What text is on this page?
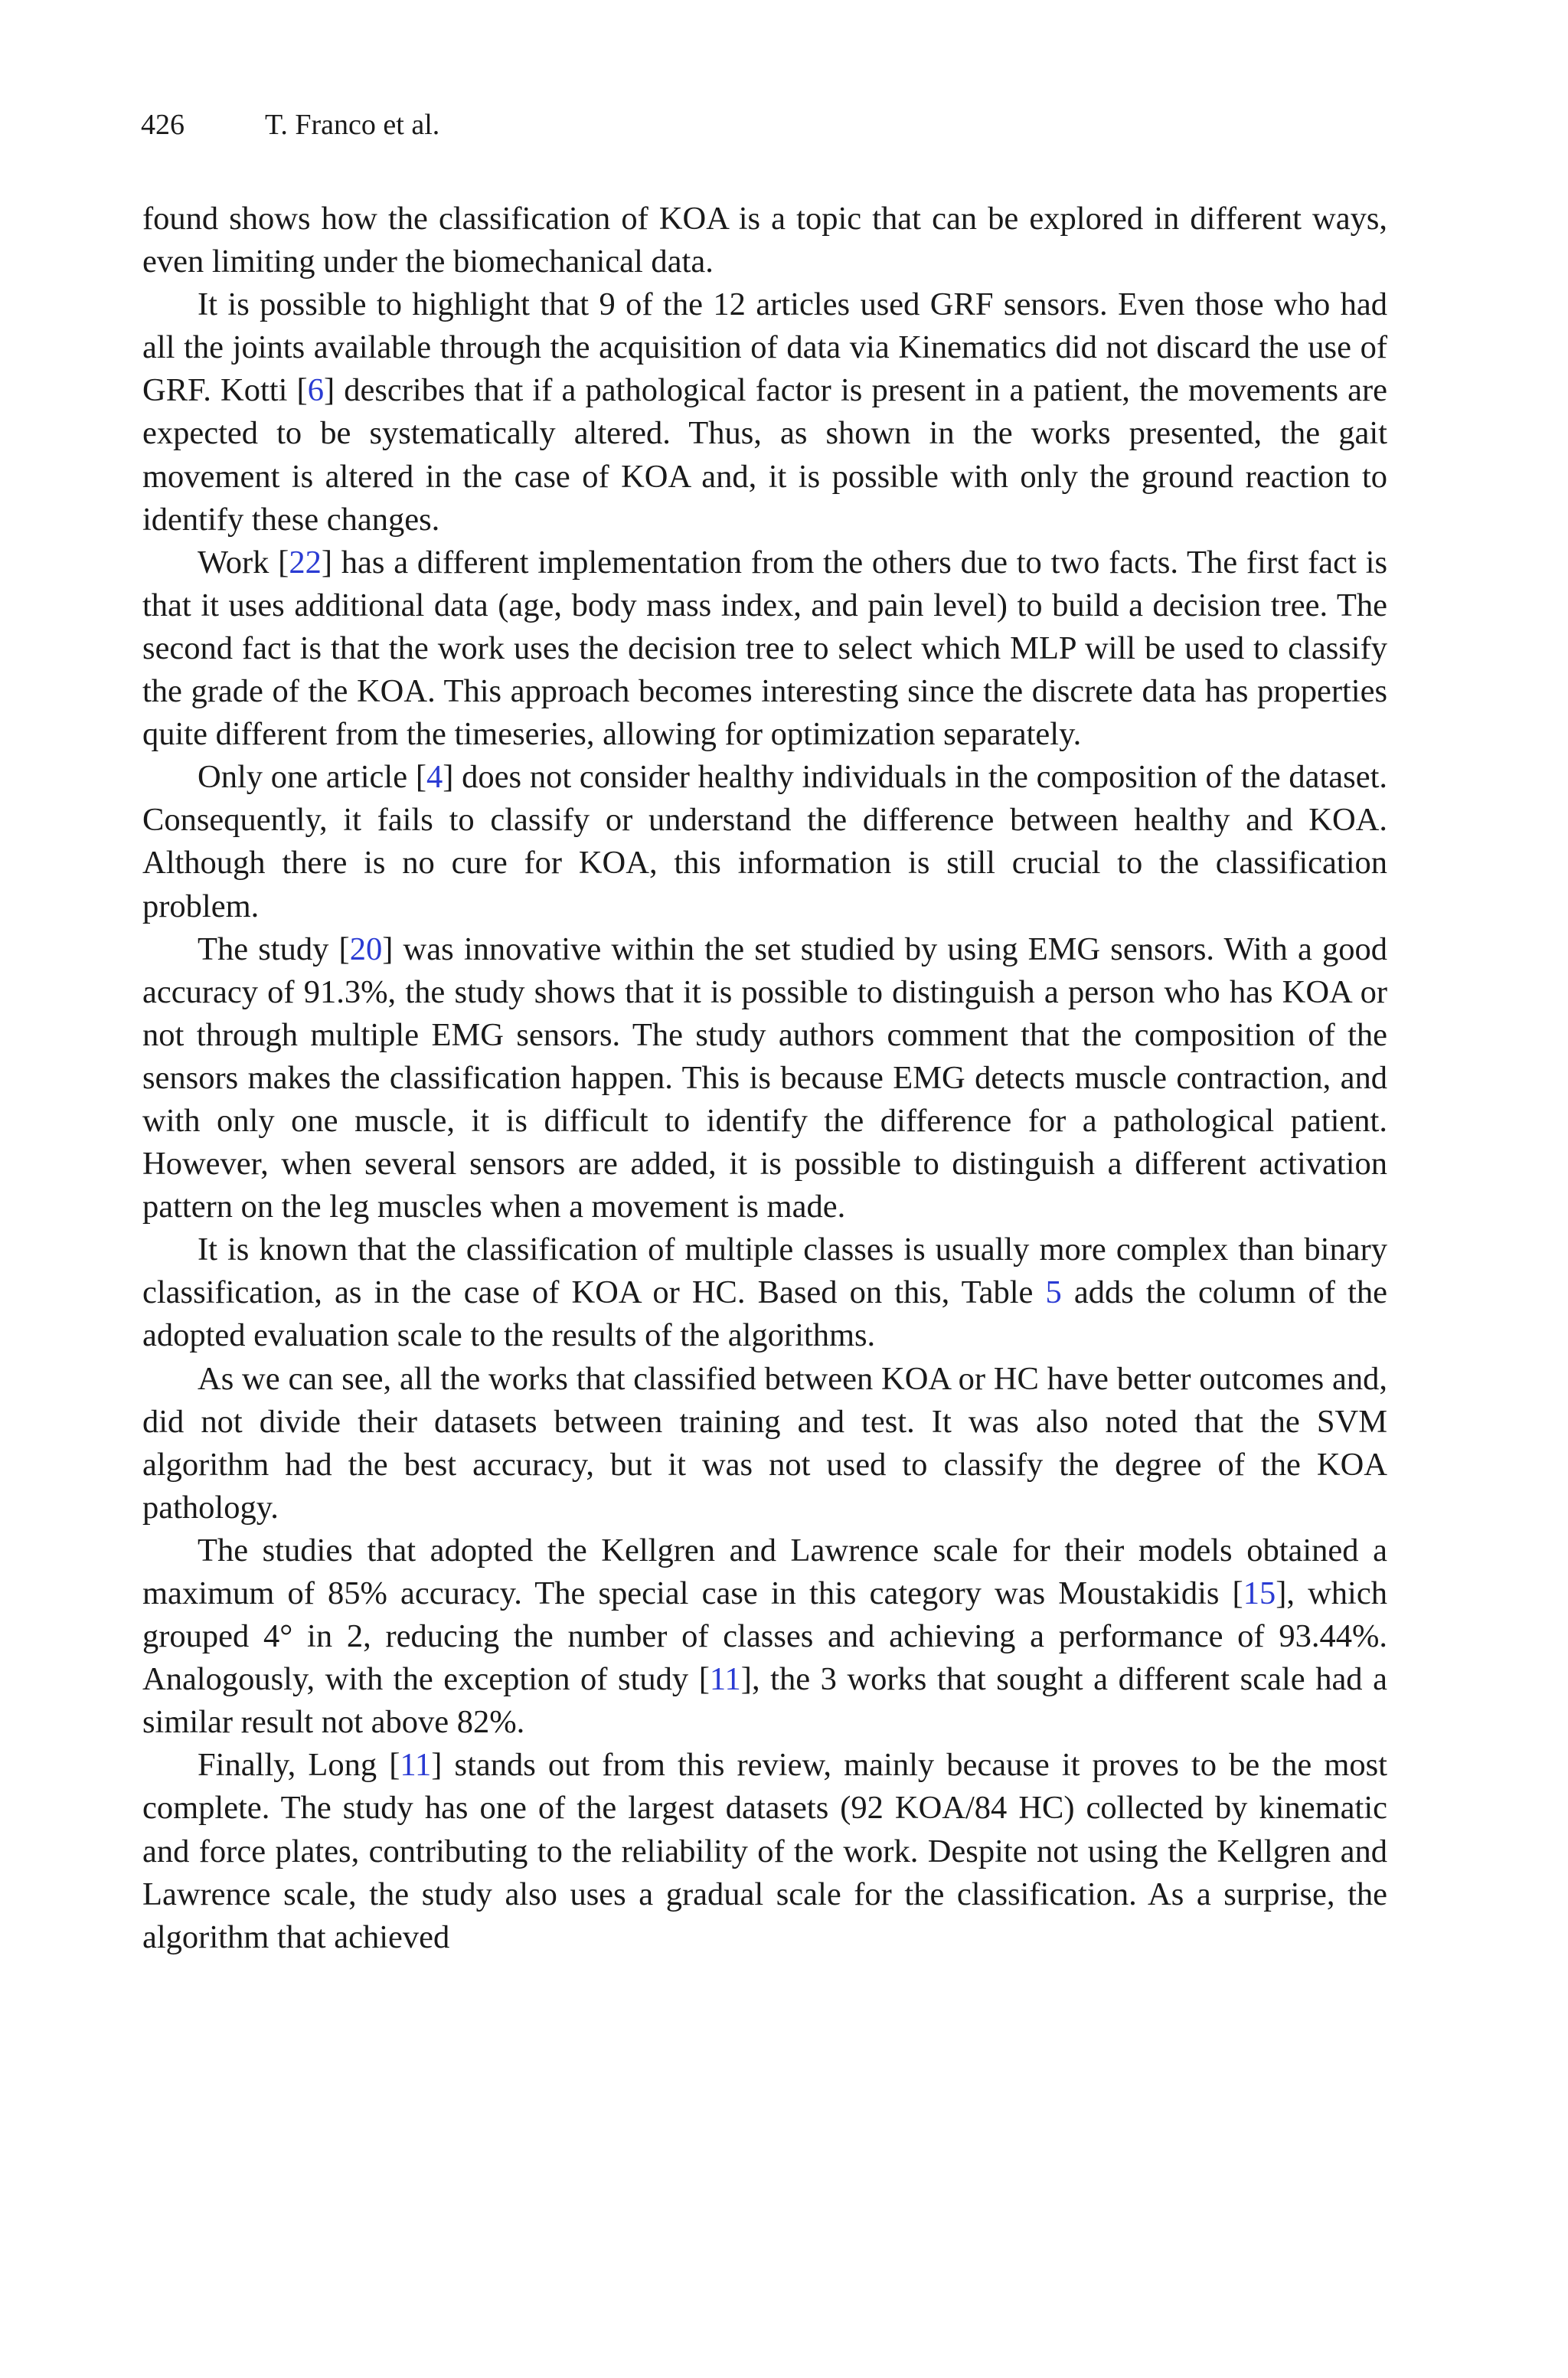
426	T. Franco et al.

found shows how the classification of KOA is a topic that can be explored in different ways, even limiting under the biomechanical data.

It is possible to highlight that 9 of the 12 articles used GRF sensors. Even those who had all the joints available through the acquisition of data via Kinematics did not discard the use of GRF. Kotti [6] describes that if a pathological factor is present in a patient, the movements are expected to be systematically altered. Thus, as shown in the works presented, the gait movement is altered in the case of KOA and, it is possible with only the ground reaction to identify these changes.

Work [22] has a different implementation from the others due to two facts. The first fact is that it uses additional data (age, body mass index, and pain level) to build a decision tree. The second fact is that the work uses the decision tree to select which MLP will be used to classify the grade of the KOA. This approach becomes interesting since the discrete data has properties quite different from the timeseries, allowing for optimization separately.

Only one article [4] does not consider healthy individuals in the composition of the dataset. Consequently, it fails to classify or understand the difference between healthy and KOA. Although there is no cure for KOA, this information is still crucial to the classification problem.

The study [20] was innovative within the set studied by using EMG sensors. With a good accuracy of 91.3%, the study shows that it is possible to distinguish a person who has KOA or not through multiple EMG sensors. The study authors comment that the composition of the sensors makes the classification happen. This is because EMG detects muscle contraction, and with only one muscle, it is difficult to identify the difference for a pathological patient. However, when several sensors are added, it is possible to distinguish a different activation pattern on the leg muscles when a movement is made.

It is known that the classification of multiple classes is usually more complex than binary classification, as in the case of KOA or HC. Based on this, Table 5 adds the column of the adopted evaluation scale to the results of the algorithms.

As we can see, all the works that classified between KOA or HC have better outcomes and, did not divide their datasets between training and test. It was also noted that the SVM algorithm had the best accuracy, but it was not used to classify the degree of the KOA pathology.

The studies that adopted the Kellgren and Lawrence scale for their models obtained a maximum of 85% accuracy. The special case in this category was Moustakidis [15], which grouped 4° in 2, reducing the number of classes and achieving a performance of 93.44%. Analogously, with the exception of study [11], the 3 works that sought a different scale had a similar result not above 82%.

Finally, Long [11] stands out from this review, mainly because it proves to be the most complete. The study has one of the largest datasets (92 KOA/84 HC) collected by kinematic and force plates, contributing to the reliability of the work. Despite not using the Kellgren and Lawrence scale, the study also uses a gradual scale for the classification. As a surprise, the algorithm that achieved
